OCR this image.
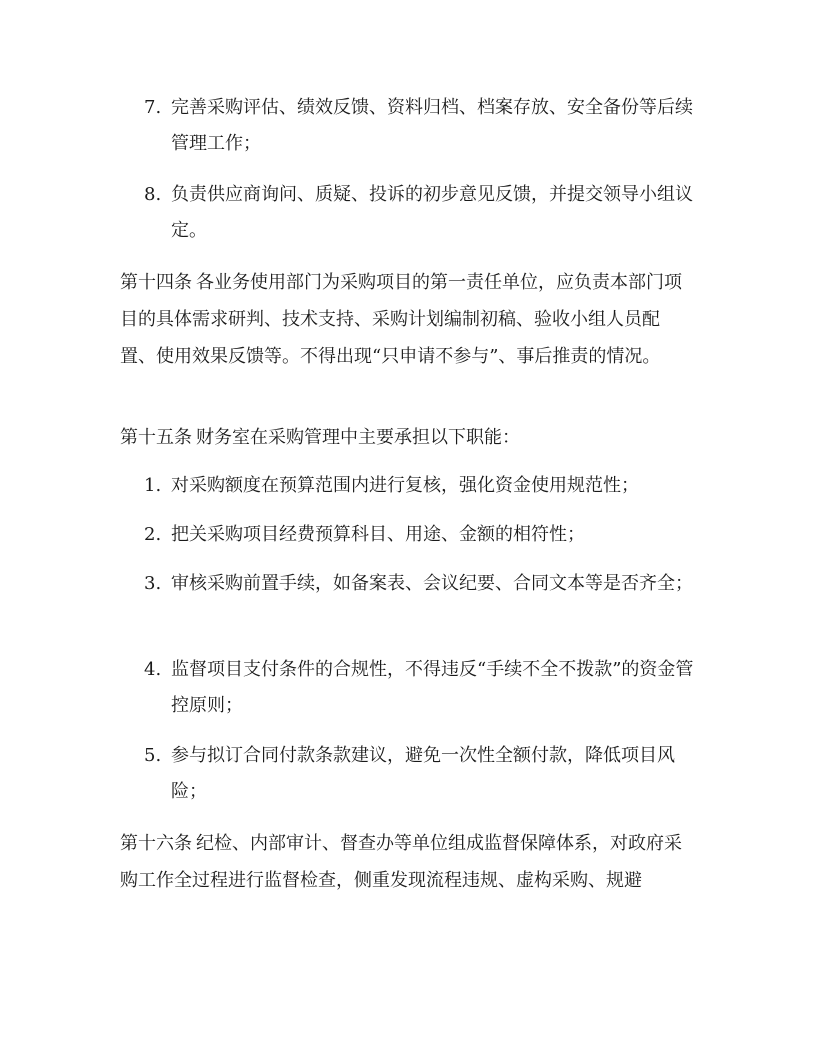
7. 完善采购评估、绩效反馈、资料归档、档案存放、安全备份等后续管理工作；
8. 负责供应商询问、质疑、投诉的初步意见反馈，并提交领导小组议定。
第十四条 各业务使用部门为采购项目的第一责任单位，应负责本部门项目的具体需求研判、技术支持、采购计划编制初稿、验收小组人员配置、使用效果反馈等。不得出现“只申请不参与”、事后推责的情况。
第十五条 财务室在采购管理中主要承担以下职能：
1. 对采购额度在预算范围内进行复核，强化资金使用规范性；
2. 把关采购项目经费预算科目、用途、金额的相符性；
3. 审核采购前置手续，如备案表、会议纪要、合同文本等是否齐全；
4. 监督项目支付条件的合规性，不得违反“手续不全不拨款”的资金管控原则；
5. 参与拟订合同付款条款建议，避免一次性全额付款，降低项目风险；
第十六条 纪检、内部审计、督查办等单位组成监督保障体系，对政府采购工作全过程进行监督检查，侧重发现流程违规、虚构采购、规避
